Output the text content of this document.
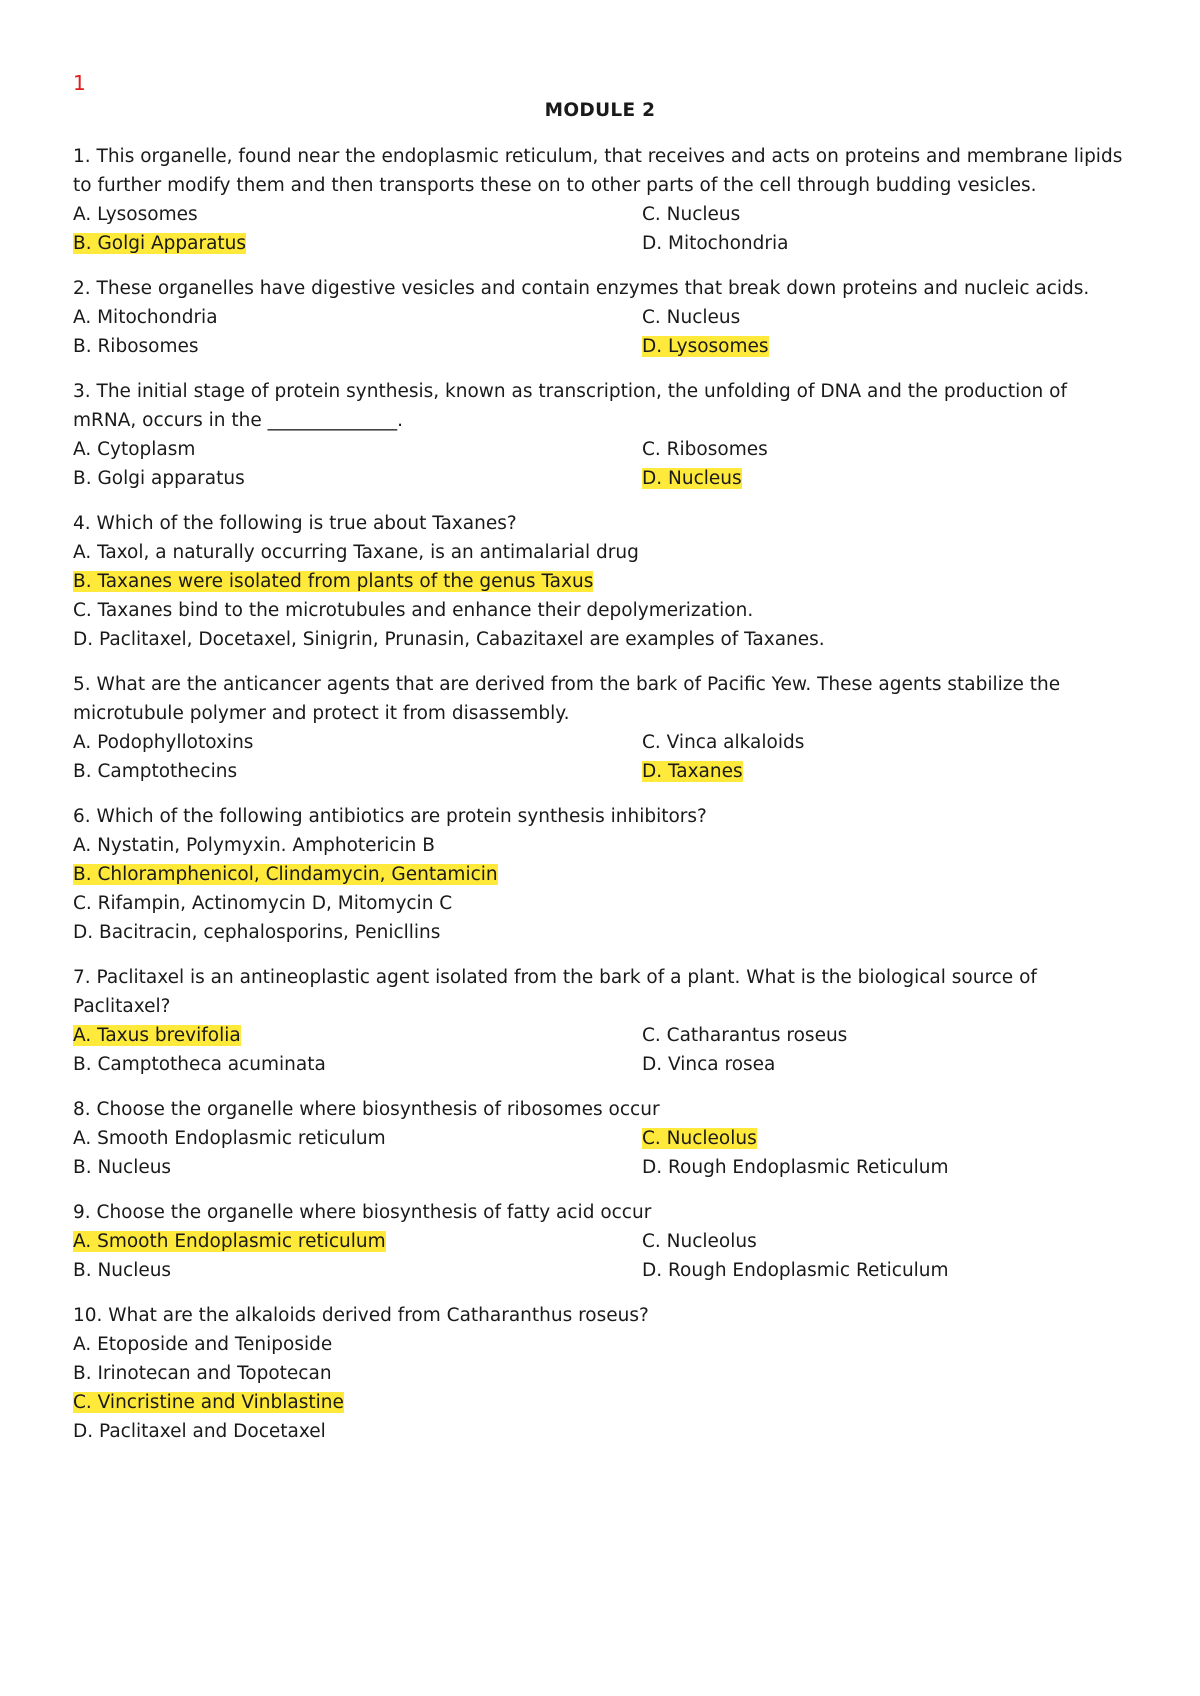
1
MODULE 2
1. This organelle, found near the endoplasmic reticulum, that receives and acts on proteins and membrane lipids to further modify them and then transports these on to other parts of the cell through budding vesicles.
A. Lysosomes	C. Nucleus
B. Golgi Apparatus	D. Mitochondria
2. These organelles have digestive vesicles and contain enzymes that break down proteins and nucleic acids.
A. Mitochondria	C. Nucleus
B. Ribosomes	D. Lysosomes
3. The initial stage of protein synthesis, known as transcription, the unfolding of DNA and the production of mRNA, occurs in the ______________.
A. Cytoplasm	C. Ribosomes
B. Golgi apparatus	D. Nucleus
4. Which of the following is true about Taxanes?
A. Taxol, a naturally occurring Taxane, is an antimalarial drug
B. Taxanes were isolated from plants of the genus Taxus
C. Taxanes bind to the microtubules and enhance their depolymerization.
D. Paclitaxel, Docetaxel, Sinigrin, Prunasin, Cabazitaxel are examples of Taxanes.
5. What are the anticancer agents that are derived from the bark of Pacific Yew. These agents stabilize the microtubule polymer and protect it from disassembly.
A. Podophyllotoxins	C. Vinca alkaloids
B. Camptothecins	D. Taxanes
6. Which of the following antibiotics are protein synthesis inhibitors?
A. Nystatin, Polymyxin. Amphotericin B
B. Chloramphenicol, Clindamycin, Gentamicin
C. Rifampin, Actinomycin D, Mitomycin C
D. Bacitracin, cephalosporins, Penicllins
7. Paclitaxel is an antineoplastic agent isolated from the bark of a plant. What is the biological source of Paclitaxel?
A. Taxus brevifolia	C. Catharantus roseus
B. Camptotheca acuminata	D. Vinca rosea
8. Choose the organelle where biosynthesis of ribosomes occur
A. Smooth Endoplasmic reticulum	C. Nucleolus
B. Nucleus	D. Rough Endoplasmic Reticulum
9. Choose the organelle where biosynthesis of fatty acid occur
A. Smooth Endoplasmic reticulum	C. Nucleolus
B. Nucleus	D. Rough Endoplasmic Reticulum
10. What are the alkaloids derived from Catharanthus roseus?
A. Etoposide and Teniposide
B. Irinotecan and Topotecan
C. Vincristine and Vinblastine
D. Paclitaxel and Docetaxel
